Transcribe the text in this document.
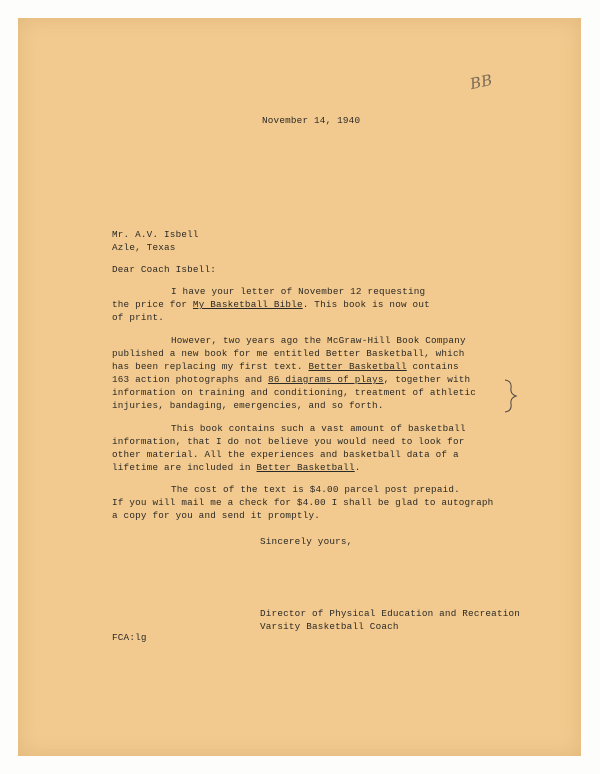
BB
November 14, 1940
Mr. A.V. Isbell
Azle, Texas
Dear Coach Isbell:
I have your letter of November 12 requesting
the price for My Basketball Bible. This book is now out
of print.
However, two years ago the McGraw-Hill Book Company
published a new book for me entitled Better Basketball, which
has been replacing my first text. Better Basketball contains
163 action photographs and 86 diagrams of plays, together with
information on training and conditioning, treatment of athletic
injuries, bandaging, emergencies, and so forth.
This book contains such a vast amount of basketball
information, that I do not believe you would need to look for
other material. All the experiences and basketball data of a
lifetime are included in Better Basketball.
The cost of the text is $4.00 parcel post prepaid.
If you will mail me a check for $4.00 I shall be glad to autograph
a copy for you and send it promptly.
Sincerely yours,
Director of Physical Education and Recreation
Varsity Basketball Coach
FCA:lg
